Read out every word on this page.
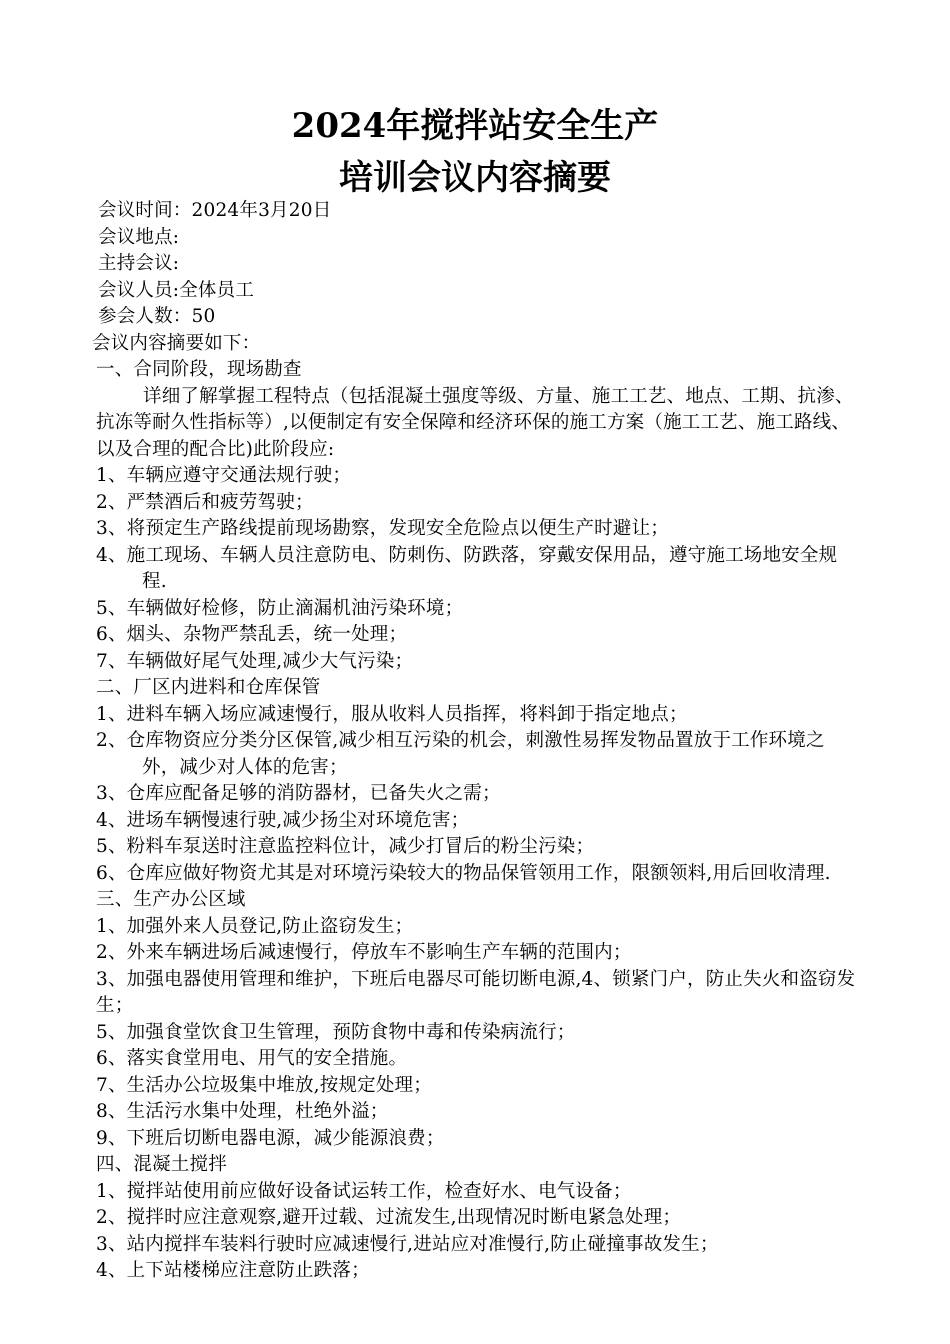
2024年搅拌站安全生产
培训会议内容摘要
会议时间：2024年3月20日
会议地点:
主持会议:
会议人员:全体员工
参会人数：50
会议内容摘要如下：
一、合同阶段，现场勘查
详细了解掌握工程特点（包括混凝土强度等级、方量、施工工艺、地点、工期、抗渗、抗冻等耐久性指标等）,以便制定有安全保障和经济环保的施工方案（施工工艺、施工路线、以及合理的配合比)此阶段应:
1、车辆应遵守交通法规行驶；
2、严禁酒后和疲劳驾驶；
3、将预定生产路线提前现场勘察，发现安全危险点以便生产时避让；
4、施工现场、车辆人员注意防电、防刺伤、防跌落，穿戴安保用品，遵守施工场地安全规程.
5、车辆做好检修，防止滴漏机油污染环境；
6、烟头、杂物严禁乱丢，统一处理；
7、车辆做好尾气处理,减少大气污染；
二、厂区内进料和仓库保管
1、进料车辆入场应减速慢行，服从收料人员指挥，将料卸于指定地点；
2、仓库物资应分类分区保管,减少相互污染的机会，刺激性易挥发物品置放于工作环境之外，减少对人体的危害；
3、仓库应配备足够的消防器材，已备失火之需；
4、进场车辆慢速行驶,减少扬尘对环境危害；
5、粉料车泵送时注意监控料位计，减少打冒后的粉尘污染；
6、仓库应做好物资尤其是对环境污染较大的物品保管领用工作，限额领料,用后回收清理.
三、生产办公区域
1、加强外来人员登记,防止盗窃发生；
2、外来车辆进场后减速慢行，停放车不影响生产车辆的范围内；
3、加强电器使用管理和维护，下班后电器尽可能切断电源,4、锁紧门户，防止失火和盗窃发生；
5、加强食堂饮食卫生管理，预防食物中毒和传染病流行；
6、落实食堂用电、用气的安全措施。
7、生活办公垃圾集中堆放,按规定处理；
8、生活污水集中处理，杜绝外溢；
9、下班后切断电器电源，减少能源浪费；
四、混凝土搅拌
1、搅拌站使用前应做好设备试运转工作，检查好水、电气设备；
2、搅拌时应注意观察,避开过载、过流发生,出现情况时断电紧急处理；
3、站内搅拌车装料行驶时应减速慢行,进站应对准慢行,防止碰撞事故发生；
4、上下站楼梯应注意防止跌落；
